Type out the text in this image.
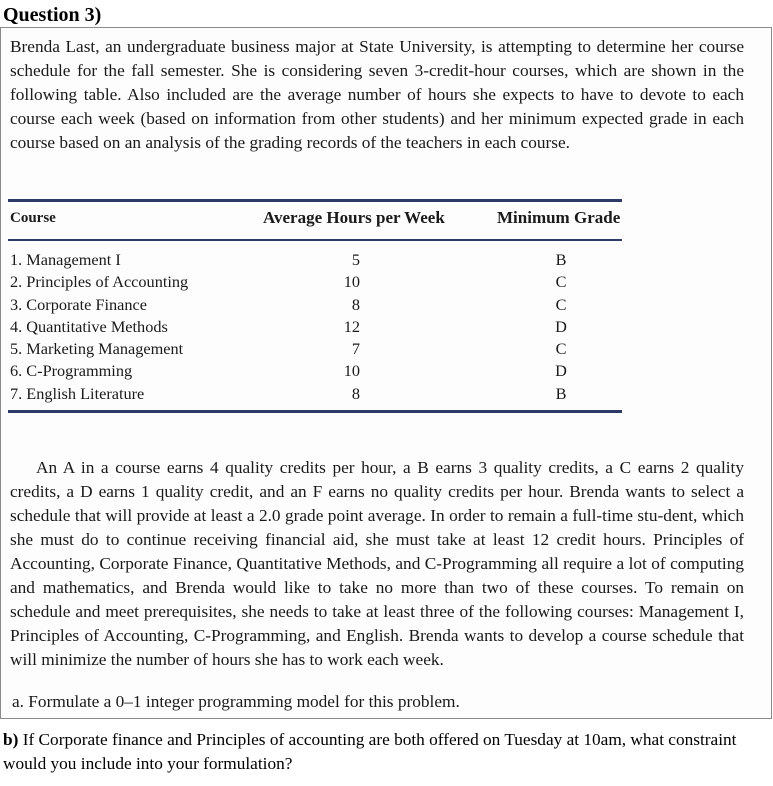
Question 3)

Brenda Last, an undergraduate business major at State University, is attempting to determine her course schedule for the fall semester. She is considering seven 3-credit-hour courses, which are shown in the following table. Also included are the average number of hours she expects to have to devote to each course each week (based on information from other students) and her minimum expected grade in each course based on an analysis of the grading records of the teachers in each course.

Course	Average Hours per Week	Minimum Grade
1. Management I	5	B
2. Principles of Accounting	10	C
3. Corporate Finance	8	C
4. Quantitative Methods	12	D
5. Marketing Management	7	C
6. C-Programming	10	D
7. English Literature	8	B

An A in a course earns 4 quality credits per hour, a B earns 3 quality credits, a C earns 2 quality credits, a D earns 1 quality credit, and an F earns no quality credits per hour. Brenda wants to select a schedule that will provide at least a 2.0 grade point average. In order to remain a full-time stu-dent, which she must do to continue receiving financial aid, she must take at least 12 credit hours. Principles of Accounting, Corporate Finance, Quantitative Methods, and C-Programming all require a lot of computing and mathematics, and Brenda would like to take no more than two of these courses. To remain on schedule and meet prerequisites, she needs to take at least three of the following courses: Management I, Principles of Accounting, C-Programming, and English. Brenda wants to develop a course schedule that will minimize the number of hours she has to work each week.

a. Formulate a 0–1 integer programming model for this problem.

b) If Corporate finance and Principles of accounting are both offered on Tuesday at 10am, what constraint would you include into your formulation?
